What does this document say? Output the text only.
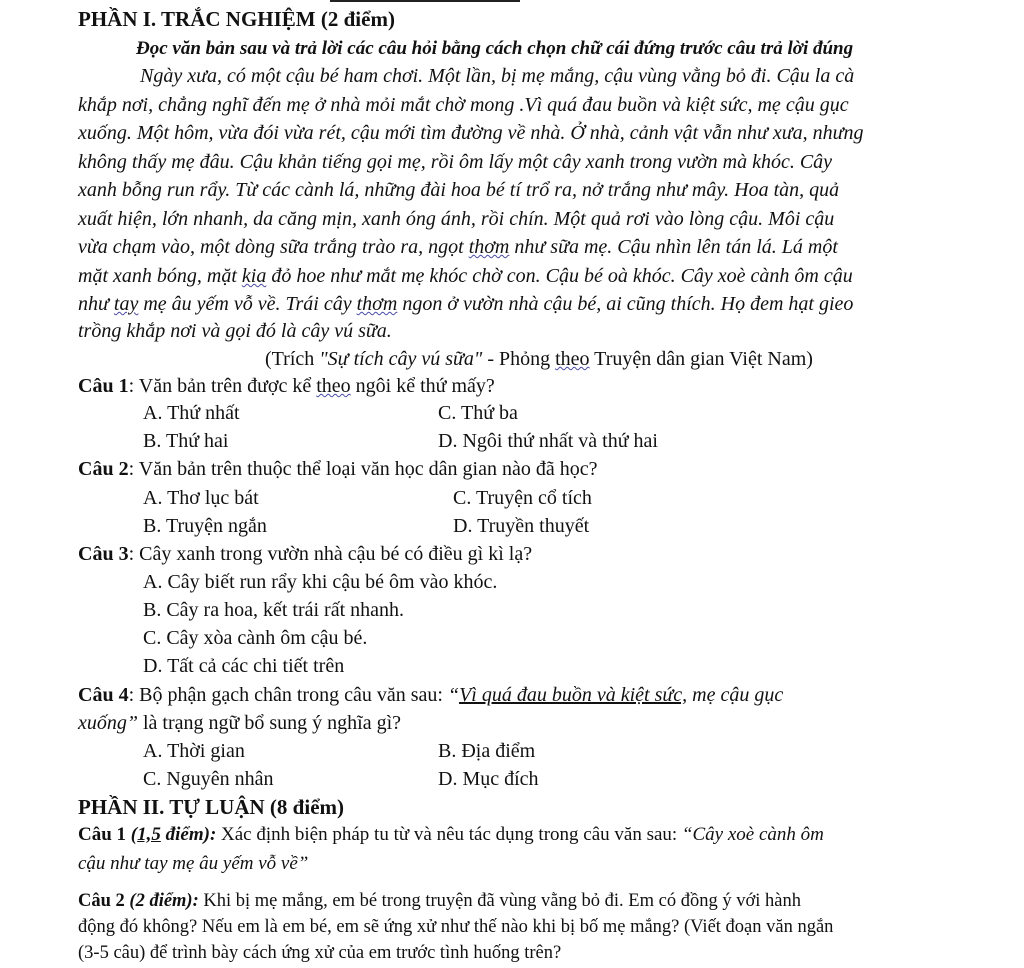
PHẦN I. TRẮC NGHIỆM (2 điểm)
Đọc văn bản sau và trả lời các câu hỏi bằng cách chọn chữ cái đứng trước câu trả lời đúng
Ngày xưa, có một cậu bé ham chơi. Một lần, bị mẹ mắng, cậu vùng vằng bỏ đi. Cậu la cà
khắp nơi, chẳng nghĩ đến mẹ ở nhà mỏi mắt chờ mong .Vì quá đau buồn và kiệt sức, mẹ cậu gục
xuống. Một hôm, vừa đói vừa rét, cậu mới tìm đường về nhà. Ở nhà, cảnh vật vẫn như xưa, nhưng
không thấy mẹ đâu. Cậu khản tiếng gọi mẹ, rồi ôm lấy một cây xanh trong vườn mà khóc. Cây
xanh bỗng run rẩy. Từ các cành lá, những đài hoa bé tí trổ ra, nở trắng như mây. Hoa tàn, quả
xuất hiện, lớn nhanh, da căng mịn, xanh óng ánh, rồi chín. Một quả rơi vào lòng cậu. Môi cậu
vừa chạm vào, một dòng sữa trắng trào ra, ngọt thơm như sữa mẹ. Cậu nhìn lên tán lá. Lá một
mặt xanh bóng, mặt kia đỏ hoe như mắt mẹ khóc chờ con. Cậu bé oà khóc. Cây xoè cành ôm cậu
như tay mẹ âu yếm vỗ về. Trái cây thơm ngon ở vườn nhà cậu bé, ai cũng thích. Họ đem hạt gieo
trồng khắp nơi và gọi đó là cây vú sữa.
(Trích "Sự tích cây vú sữa" - Phỏng theo Truyện dân gian Việt Nam)
Câu 1: Văn bản trên được kể theo ngôi kể thứ mấy?
A. Thứ nhất	C. Thứ ba
B. Thứ hai	D. Ngôi thứ nhất và thứ hai
Câu 2: Văn bản trên thuộc thể loại văn học dân gian nào đã học?
A. Thơ lục bát	C. Truyện cổ tích
B. Truyện ngắn	D. Truyền thuyết
Câu 3: Cây xanh trong vườn nhà cậu bé có điều gì kì lạ?
A. Cây biết run rẩy khi cậu bé ôm vào khóc.
B. Cây ra hoa, kết trái rất nhanh.
C. Cây xòa cành ôm cậu bé.
D. Tất cả các chi tiết trên
Câu 4: Bộ phận gạch chân trong câu văn sau: “Vì quá đau buồn và kiệt sức, mẹ cậu gục
xuống” là trạng ngữ bổ sung ý nghĩa gì?
A. Thời gian	B. Địa điểm
C. Nguyên nhân	D. Mục đích
PHẦN II. TỰ LUẬN (8 điểm)
Câu 1 (1,5 điểm): Xác định biện pháp tu từ và nêu tác dụng trong câu văn sau: “Cây xoè cành ôm
cậu như tay mẹ âu yếm vỗ về”
Câu 2 (2 điểm): Khi bị mẹ mắng, em bé trong truyện đã vùng vằng bỏ đi. Em có đồng ý với hành
động đó không? Nếu em là em bé, em sẽ ứng xử như thế nào khi bị bố mẹ mắng? (Viết đoạn văn ngắn
(3-5 câu) để trình bày cách ứng xử của em trước tình huống trên?
